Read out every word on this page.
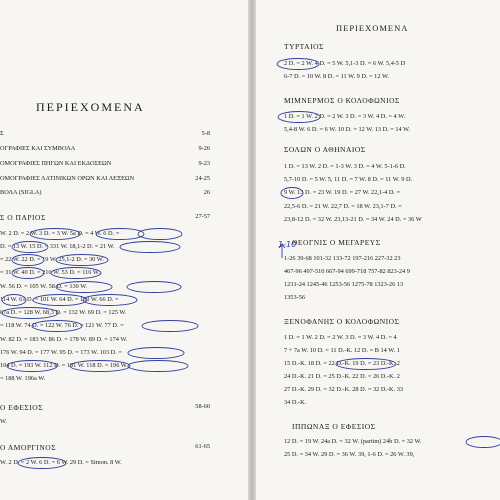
ΠΕΡΙΕΧΟΜΕΝΑ
Σ	5-8
ΟΓΡΑΦΙΕΣ ΚΑΙ ΣΥΜΒΟΛΑ	9-26
ΟΜΟΓΡΑΦΙΕΣ ΠΗΓΩΝ ΚΑΙ ΕΚΔΟΣΕΩΝ	9-23
ΟΜΟΓΡΑΦΙΕΣ ΛΑΤΙΝΙΚΩΝ ΟΡΩΝ ΚΑΙ ΛΕΞΕΩΝ	24-25
ΒΟΛΑ (SIGLA)	26
Σ Ο ΠΑΡΙΟΣ	27-57
W. 2 D. = 2 W. 3 D. = 3 W. 5a D. = 4 W. 6 D. =
D. = 13 W. 15 D. = 331 W. 18,1-2 D. = 21 W.
= 22 W. 22 D. = 19 W. 25,1-2 D. = 30 W.
= 31 W. 40 D. = 216 W. 53 D. = 116 W.
W. 56 D. = 105 W. 58 D. = 130 W.
114 W. 61 D. = 101 W. 64 D. = 133 W. 66 D. =
67a D. = 128 W. 68,3 D. = 132 W. 69 D. = 125 W.
= 118 W. 74 D. = 122 W. 76 D. = 121 W. 77 D. =
W. 82 D. = 183 W. 86 D. = 178 W. 89 D. = 174 W.
176 W. 94 D. = 177 W. 95 D. = 173 W. 103 D. =
104 D. = 193 W. 112 D. = 191 W. 118 D. = 196 W.
= 188 W. 196a W.
Ο ΕΦΕΣΙΟΣ	58-60
W.
Ο ΑΜΟΡΓΙΝΟΣ	61-65
W. 2 D. = 2 W. 6 D. = 6 W. 29 D. = Simon. 8 W.
ΠΕΡΙΕΧΟΜΕΝΑ
ΤΥΡΤΑΙΟΣ
2 D. = 2 W. 4 D. = 5 W. 5,1-3 D. = 6 W. 5,4-5 D
6-7 D. = 10 W. 8 D. = 11 W. 9 D. = 12 W.
ΜΙΜΝΕΡΜΟΣ Ο ΚΟΛΟΦΩΝΙΟΣ
1 D. = 1 W. 2 D. = 2 W. 3 D. = 3 W. 4 D. = 4 W.
5,4-8 W. 6 D. = 6 W. 10 D. = 12 W. 13 D. = 14 W.
ΣΟΛΩΝ Ο ΑΘΗΝΑΙΟΣ
1 D. = 13 W. 2 D. = 1-3 W. 3 D. = 4 W. 5-1-6 D.
5,7-10 D. = 5 W. 5, 11 D. = 7 W. 8 D. = 11 W. 9 D.
9 W. 13 D. = 23 W. 19 D. = 27 W. 22,1-4 D. =
22,5-6 D. = 21 W. 22,7 D. = 18 W. 23,1-7 D. =
23,8-12 D. = 32 W. 23,13-21 D. = 34 W. 24 D. = 36 W
ΘΕΟΓΝΙΣ Ο ΜΕΓΑΡΕΥΣ
1-26 39-68 101-32 133-72 197-216 227-32 23
467-96 497-510 667-94 699-718 757-82 823-24 9
1231-24 1245-46 1253-56 1275-78 1323-26 13
1353-56
ΞΕΝΟΦΑΝΗΣ Ο ΚΟΛΟΦΩΝΙΟΣ
1 D. = 1 W. 2 D. = 2 W. 3 D. = 3 W. 4 D. = 4
7 + 7a W. 10 D. = 11 D.-K. 12 D. = B 14 W. 1
15 D.-K. 18 D. = 22 D.-K. 19 D. = 23 D.-K. 2
24 D.-K. 21 D. = 25 D.-K. 22 D. = 26 D.-K. 2
27 D.-K. 29 D. = 32 D.-K. 28 D. = 32 D.-K. 33
34 D.-K.
ΙΠΠΩΝΑΞ Ο ΕΦΕΣΙΟΣ
12 D. = 19 W. 24a D. = 32 W. (partim) 24b D. = 32 W.
25 D. = 34 W. 29 D. = 36 W. 39, 1-6 D. = 26 W. 39,
1-10
